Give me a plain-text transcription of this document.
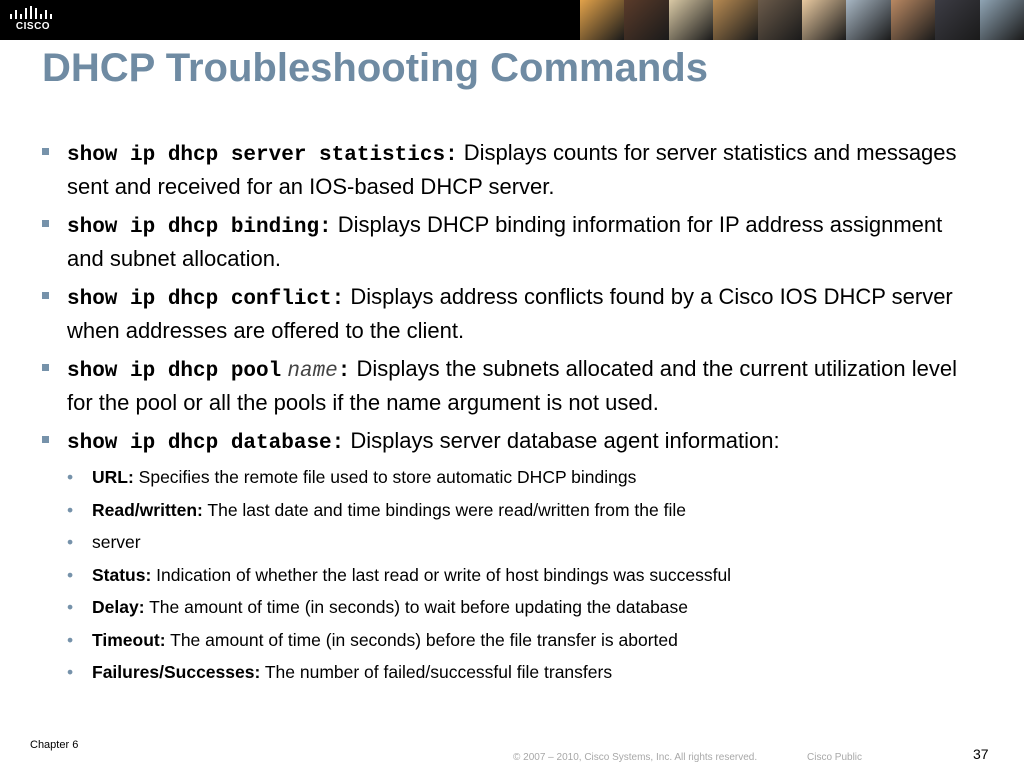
CISCO
DHCP Troubleshooting Commands
show ip dhcp server statistics: Displays counts for server statistics and messages sent and received for an IOS-based DHCP server.
show ip dhcp binding: Displays DHCP binding information for IP address assignment and subnet allocation.
show ip dhcp conflict: Displays address conflicts found by a Cisco IOS DHCP server when addresses are offered to the client.
show ip dhcp pool name: Displays the subnets allocated and the current utilization level for the pool or all the pools if the name argument is not used.
show ip dhcp database: Displays server database agent information:
• URL: Specifies the remote file used to store automatic DHCP bindings
• Read/written: The last date and time bindings were read/written from the file
• server
• Status: Indication of whether the last read or write of host bindings was successful
• Delay: The amount of time (in seconds) to wait before updating the database
• Timeout: The amount of time (in seconds) before the file transfer is aborted
• Failures/Successes: The number of failed/successful file transfers
Chapter 6
© 2007 – 2010, Cisco Systems, Inc. All rights reserved.	Cisco Public	37
